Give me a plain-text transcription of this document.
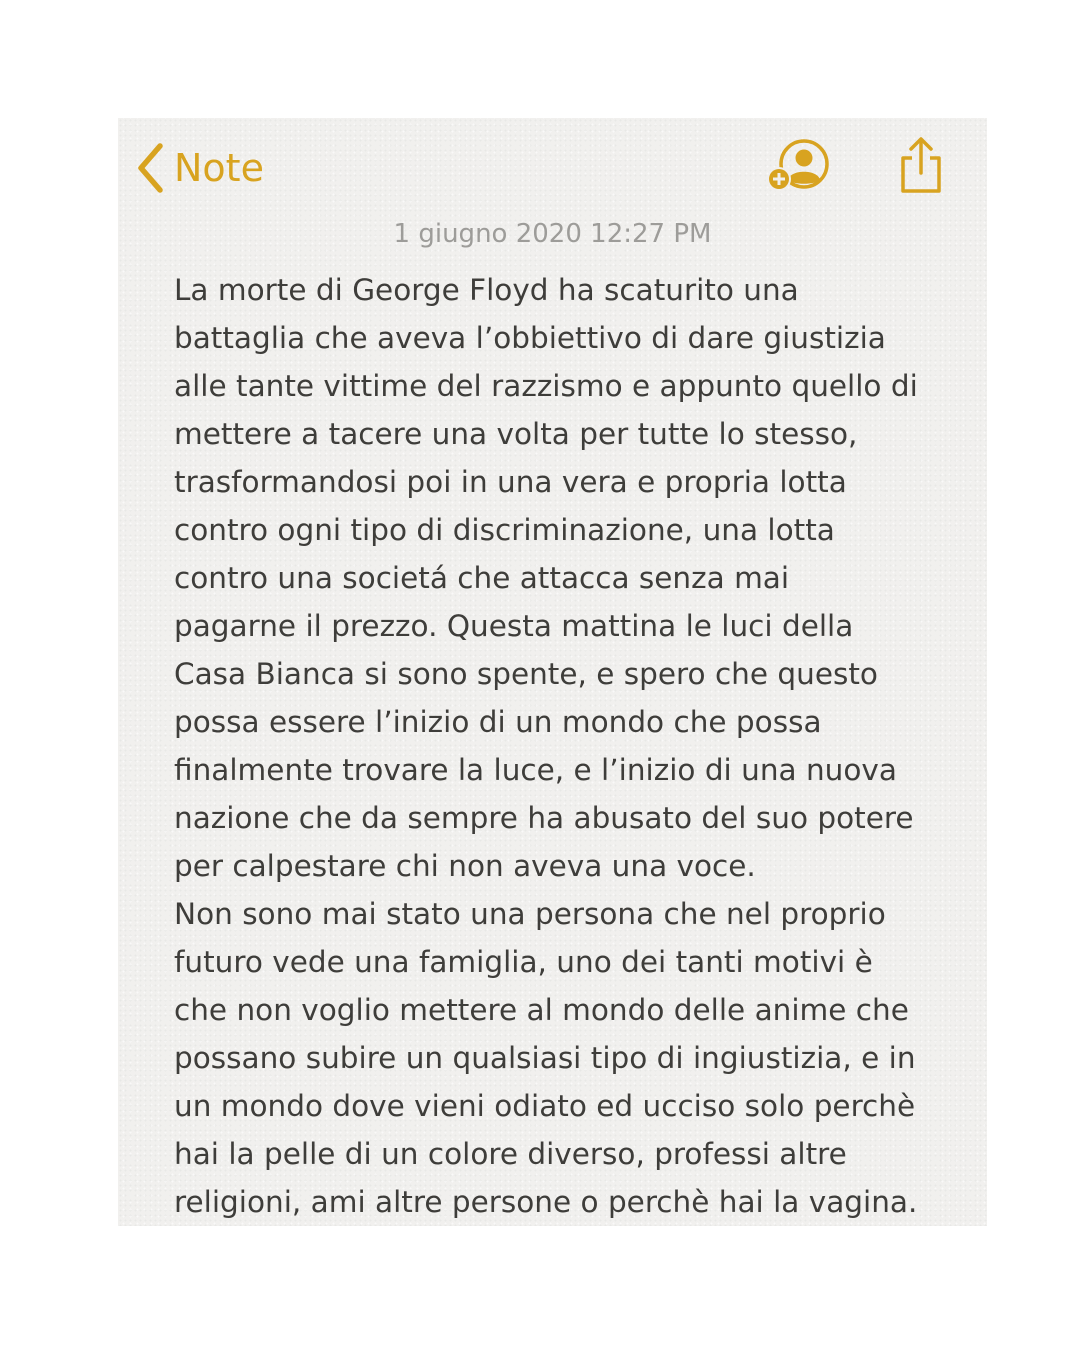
Note
1 giugno 2020 12:27 PM

La morte di George Floyd ha scaturito una
battaglia che aveva l’obbiettivo di dare giustizia
alle tante vittime del razzismo e appunto quello di
mettere a tacere una volta per tutte lo stesso,
trasformandosi poi in una vera e propria lotta
contro ogni tipo di discriminazione, una lotta
contro una societá che attacca senza mai
pagarne il prezzo. Questa mattina le luci della
Casa Bianca si sono spente, e spero che questo
possa essere l’inizio di un mondo che possa
finalmente trovare la luce, e l’inizio di una nuova
nazione che da sempre ha abusato del suo potere
per calpestare chi non aveva una voce.
Non sono mai stato una persona che nel proprio
futuro vede una famiglia, uno dei tanti motivi è
che non voglio mettere al mondo delle anime che
possano subire un qualsiasi tipo di ingiustizia, e in
un mondo dove vieni odiato ed ucciso solo perchè
hai la pelle di un colore diverso, professi altre
religioni, ami altre persone o perchè hai la vagina.
